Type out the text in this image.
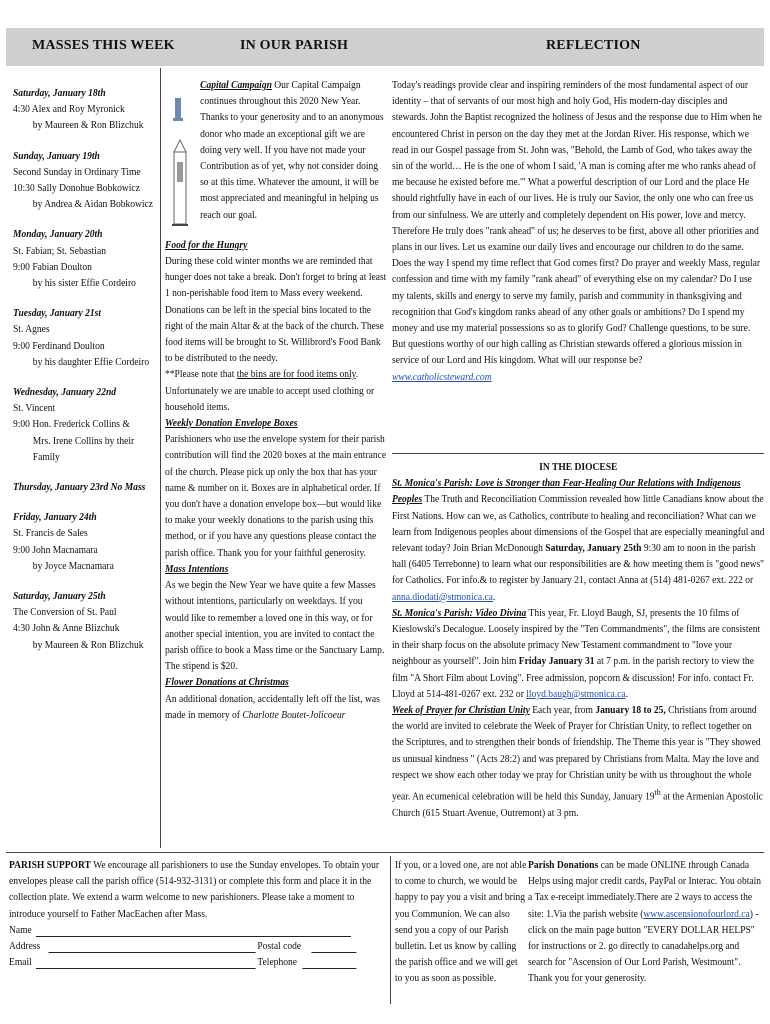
MASSES THIS WEEK	IN OUR PARISH	REFLECTION
Saturday, January 18th
4:30 Alex and Roy Myronick
by Maureen & Ron Blizchuk
Sunday, January 19th
Second Sunday in Ordinary Time
10:30 Sally Donohue Bobkowicz
by Andrea & Aidan Bobkowicz
Monday, January 20th
St. Fabian; St. Sebastian
9:00 Fabian Doulton
by his sister Effie Cordeiro
Tuesday, January 21st
St. Agnes
9:00 Ferdinand Doulton
by his daughter Effie Cordeiro
Wednesday, January 22nd
St. Vincent
9:00 Hon. Frederick Collins &
Mrs. Irene Collins by their Family
Thursday, January 23rd No Mass
Friday, January 24th
St. Francis de Sales
9:00 John Macnamara
by Joyce Macnamara
Saturday, January 25th
The Conversion of St. Paul
4:30 John & Anne Blizchuk
by Maureen & Ron Blizchuk

Capital Campaign Our Capital Campaign continues throughout this 2020 New Year. Thanks to your generosity and to an anonymous donor who made an exceptional gift we are doing very well. If you have not made your Contribution as of yet, why not consider doing so at this time. Whatever the amount, it will be most appreciated and meaningful in helping us reach our goal.

Food for the Hungry

During these cold winter months we are reminded that hunger does not take a break. Don't forget to bring at least 1 non-perishable food item to Mass every weekend. Donations can be left in the special bins located to the right of the main Altar & at the back of the church. These food items will be brought to St. Willibrord's Food Bank to be distributed to the needy.

**Please note that the bins are for food items only. Unfortunately we are unable to accept used clothing or household items.

Weekly Donation Envelope Boxes

Parishioners who use the envelope system for their parish contribution will find the 2020 boxes at the main entrance of the church. Please pick up only the box that has your name & number on it. Boxes are in alphabetical order. If you don't have a donation envelope box—but would like to make your weekly donations to the parish using this method, or if you have any questions please contact the parish office. Thank you for your faithful generosity.

Mass Intentions

As we begin the New Year we have quite a few Masses without intentions, particularly on weekdays. If you would like to remember a loved one in this way, or for another special intention, you are invited to contact the parish office to book a Mass time or the Sanctuary Lamp. The stipend is $20.

Flower Donations at Christmas

An additional donation, accidentally left off the list, was made in memory of Charlotte Boutet-Jolicoeur

Today's readings provide clear and inspiring reminders of the most fundamental aspect of our identity – that of servants of our most high and holy God, His modern-day disciples and stewards. John the Baptist recognized the holiness of Jesus and the response due to Him when he encountered Christ in person on the day they met at the Jordan River. His response, which we read in our Gospel passage from St. John was, "Behold, the Lamb of God, who takes away the sin of the world… He is the one of whom I said, 'A man is coming after me who ranks ahead of me because he existed before me.'" What a powerful description of our Lord and the place He should rightfully have in each of our lives. He is truly our Savior, the only one who can free us from our sinfulness. We are utterly and completely dependent on His power, love and mercy. Therefore He truly does "rank ahead" of us; he deserves to be first, above all other priorities and plans in our lives. Let us examine our daily lives and encourage our children to do the same. Does the way I spend my time reflect that God comes first? Do prayer and weekly Mass, regular confession and time with my family "rank ahead" of everything else on my calendar? Do I use my talents, skills and energy to serve my family, parish and community in thanksgiving and recognition that God's kingdom ranks ahead of any other goals or ambitions? Do I spend my money and use my material possessions so as to glorify God? Challenge questions, to be sure. But questions worthy of our high calling as Christian stewards offered a glorious mission in service of our Lord and His kingdom. What will our response be?

www.catholicsteward.com

IN THE DIOCESE

St. Monica's Parish: Love is Stronger than Fear-Healing Our Relations with Indigenous Peoples The Truth and Reconciliation Commission revealed how little Canadians know about the First Nations. How can we, as Catholics, contribute to healing and reconciliation? What can we learn from Indigenous peoples about dimensions of the Gospel that are especially meaningful and relevant today? Join Brian McDonough Saturday, January 25th 9:30 am to noon in the parish hall (6405 Terrebonne) to learn what our responsibilities are & how meeting them is "good news" for Catholics. For info.& to register by January 21, contact Anna at (514) 481-0267 ext. 222 or anna.diodati@stmonica.ca.

St. Monica's Parish: Video Divina This year, Fr. Lloyd Baugh, SJ, presents the 10 films of Kieslowski's Decalogue. Loosely inspired by the "Ten Commandments", the films are consistent in their sharp focus on the absolute primacy New Testament commandment to "love your neighbour as yourself". Join him Friday January 31 at 7 p.m. in the parish rectory to view the film "A Short Film about Loving". Free admission, popcorn & discussion! For info. contact Fr. Lloyd at 514-481-0267 ext. 232 or lloyd.baugh@stmonica.ca.

Week of Prayer for Christian Unity Each year, from January 18 to 25, Christians from around the world are invited to celebrate the Week of Prayer for Christian Unity, to reflect together on the Scriptures, and to strengthen their bonds of friendship. The Theme this year is "They showed us unusual kindness " (Acts 28:2) and was prepared by Christians from Malta. May the love and respect we show each other today we pray for Christian unity be with us throughout the whole year. An ecumenical celebration will be held this Sunday, January 19th at the Armenian Apostolic Church (615 Stuart Avenue, Outremont) at 3 pm.

PARISH SUPPORT We encourage all parishioners to use the Sunday envelopes. To obtain your envelopes please call the parish office (514-932-3131) or complete this form and place it in the collection plate. We extend a warm welcome to new parishioners. Please take a moment to introduce yourself to Father MacEachen after Mass.

Name
Address	Postal code
Email	Telephone

If you, or a loved one, are not able to come to church, we would be happy to pay you a visit and bring you Communion. We can also send you a copy of our Parish bulletin. Let us know by calling the parish office and we will get to you as soon as possible.

Parish Donations can be made ONLINE through Canada Helps using major credit cards, PayPal or Interac. You obtain a Tax e-receipt immediately.There are 2 ways to access the site: 1.Via the parish website (www.ascensionofourlord.ca) -click on the main page button "EVERY DOLLAR HELPS" for instructions or 2. go directly to canadahelps.org and search for "Ascension of Our Lord Parish, Westmount". Thank you for your generosity.
